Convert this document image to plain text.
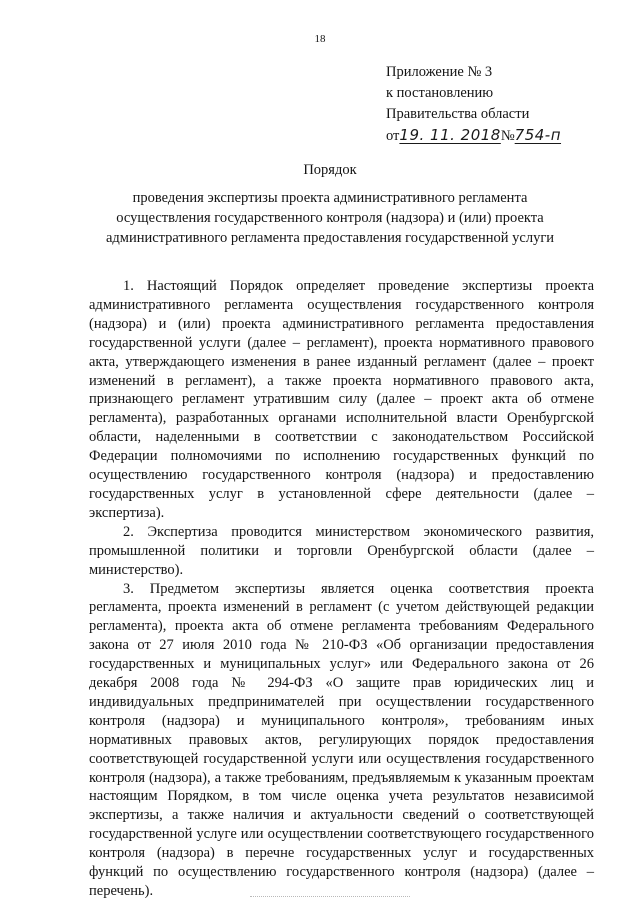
18
Приложение № 3
к постановлению
Правительства области
от19. 11. 2018№754-п
Порядок
проведения экспертизы проекта административного регламента
осуществления государственного контроля (надзора) и (или) проекта
административного регламента предоставления государственной услуги

1. Настоящий Порядок определяет проведение экспертизы проекта административного регламента осуществления государственного контроля (надзора) и (или) проекта административного регламента предоставления государственной услуги (далее – регламент), проекта нормативного правового акта, утверждающего изменения в ранее изданный регламент (далее – проект изменений в регламент), а также проекта нормативного правового акта, признающего регламент утратившим силу (далее – проект акта об отмене регламента), разработанных органами исполнительной власти Оренбургской области, наделенными в соответствии с законодательством Российской Федерации полномочиями по исполнению государственных функций по осуществлению государственного контроля (надзора) и предоставлению государственных услуг в установленной сфере деятельности (далее – экспертиза).

2. Экспертиза проводится министерством экономического развития, промышленной политики и торговли Оренбургской области (далее – министерство).

3. Предметом экспертизы является оценка соответствия проекта регламента, проекта изменений в регламент (с учетом действующей редакции регламента), проекта акта об отмене регламента требованиям Федерального закона от 27 июля 2010 года № 210-ФЗ «Об организации предоставления государственных и муниципальных услуг» или Федерального закона от 26 декабря 2008 года № 294-ФЗ «О защите прав юридических лиц и индивидуальных предпринимателей при осуществлении государственного контроля (надзора) и муниципального контроля», требованиям иных нормативных правовых актов, регулирующих порядок предоставления соответствующей государственной услуги или осуществления государственного контроля (надзора), а также требованиям, предъявляемым к указанным проектам настоящим Порядком, в том числе оценка учета результатов независимой экспертизы, а также наличия и актуальности сведений о соответствующей государственной услуге или осуществлении соответствующего государственного контроля (надзора) в перечне государственных услуг и государственных функций по осуществлению государственного контроля (надзора) (далее – перечень).
